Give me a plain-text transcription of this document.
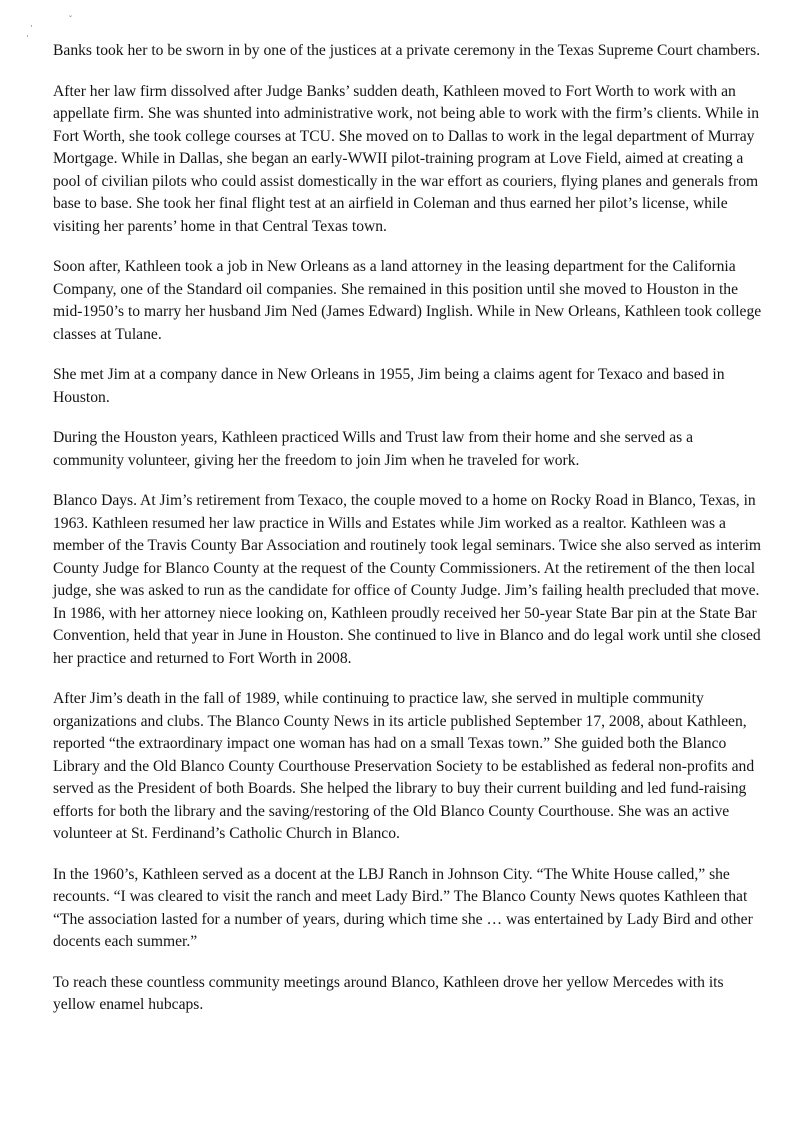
·
·
˘

Banks took her to be sworn in by one of the justices at a private ceremony in the Texas Supreme Court chambers.

After her law firm dissolved after Judge Banks’ sudden death, Kathleen moved to Fort Worth to work with an appellate firm. She was shunted into administrative work, not being able to work with the firm’s clients. While in Fort Worth, she took college courses at TCU. She moved on to Dallas to work in the legal department of Murray Mortgage. While in Dallas, she began an early-WWII pilot-training program at Love Field, aimed at creating a pool of civilian pilots who could assist domestically in the war effort as couriers, flying planes and generals from base to base. She took her final flight test at an airfield in Coleman and thus earned her pilot’s license, while visiting her parents’ home in that Central Texas town.

Soon after, Kathleen took a job in New Orleans as a land attorney in the leasing department for the California Company, one of the Standard oil companies. She remained in this position until she moved to Houston in the mid-1950’s to marry her husband Jim Ned (James Edward) Inglish. While in New Orleans, Kathleen took college classes at Tulane.

She met Jim at a company dance in New Orleans in 1955, Jim being a claims agent for Texaco and based in Houston.

During the Houston years, Kathleen practiced Wills and Trust law from their home and she served as a community volunteer, giving her the freedom to join Jim when he traveled for work.

Blanco Days. At Jim’s retirement from Texaco, the couple moved to a home on Rocky Road in Blanco, Texas, in 1963. Kathleen resumed her law practice in Wills and Estates while Jim worked as a realtor. Kathleen was a member of the Travis County Bar Association and routinely took legal seminars. Twice she also served as interim County Judge for Blanco County at the request of the County Commissioners. At the retirement of the then local judge, she was asked to run as the candidate for office of County Judge. Jim’s failing health precluded that move. In 1986, with her attorney niece looking on, Kathleen proudly received her 50-year State Bar pin at the State Bar Convention, held that year in June in Houston. She continued to live in Blanco and do legal work until she closed her practice and returned to Fort Worth in 2008.

After Jim’s death in the fall of 1989, while continuing to practice law, she served in multiple community organizations and clubs. The Blanco County News in its article published September 17, 2008, about Kathleen, reported “the extraordinary impact one woman has had on a small Texas town.” She guided both the Blanco Library and the Old Blanco County Courthouse Preservation Society to be established as federal non-profits and served as the President of both Boards. She helped the library to buy their current building and led fund-raising efforts for both the library and the saving/restoring of the Old Blanco County Courthouse. She was an active volunteer at St. Ferdinand’s Catholic Church in Blanco.

In the 1960’s, Kathleen served as a docent at the LBJ Ranch in Johnson City. “The White House called,” she recounts. “I was cleared to visit the ranch and meet Lady Bird.” The Blanco County News quotes Kathleen that “The association lasted for a number of years, during which time she … was entertained by Lady Bird and other docents each summer.”

To reach these countless community meetings around Blanco, Kathleen drove her yellow Mercedes with its yellow enamel hubcaps.
